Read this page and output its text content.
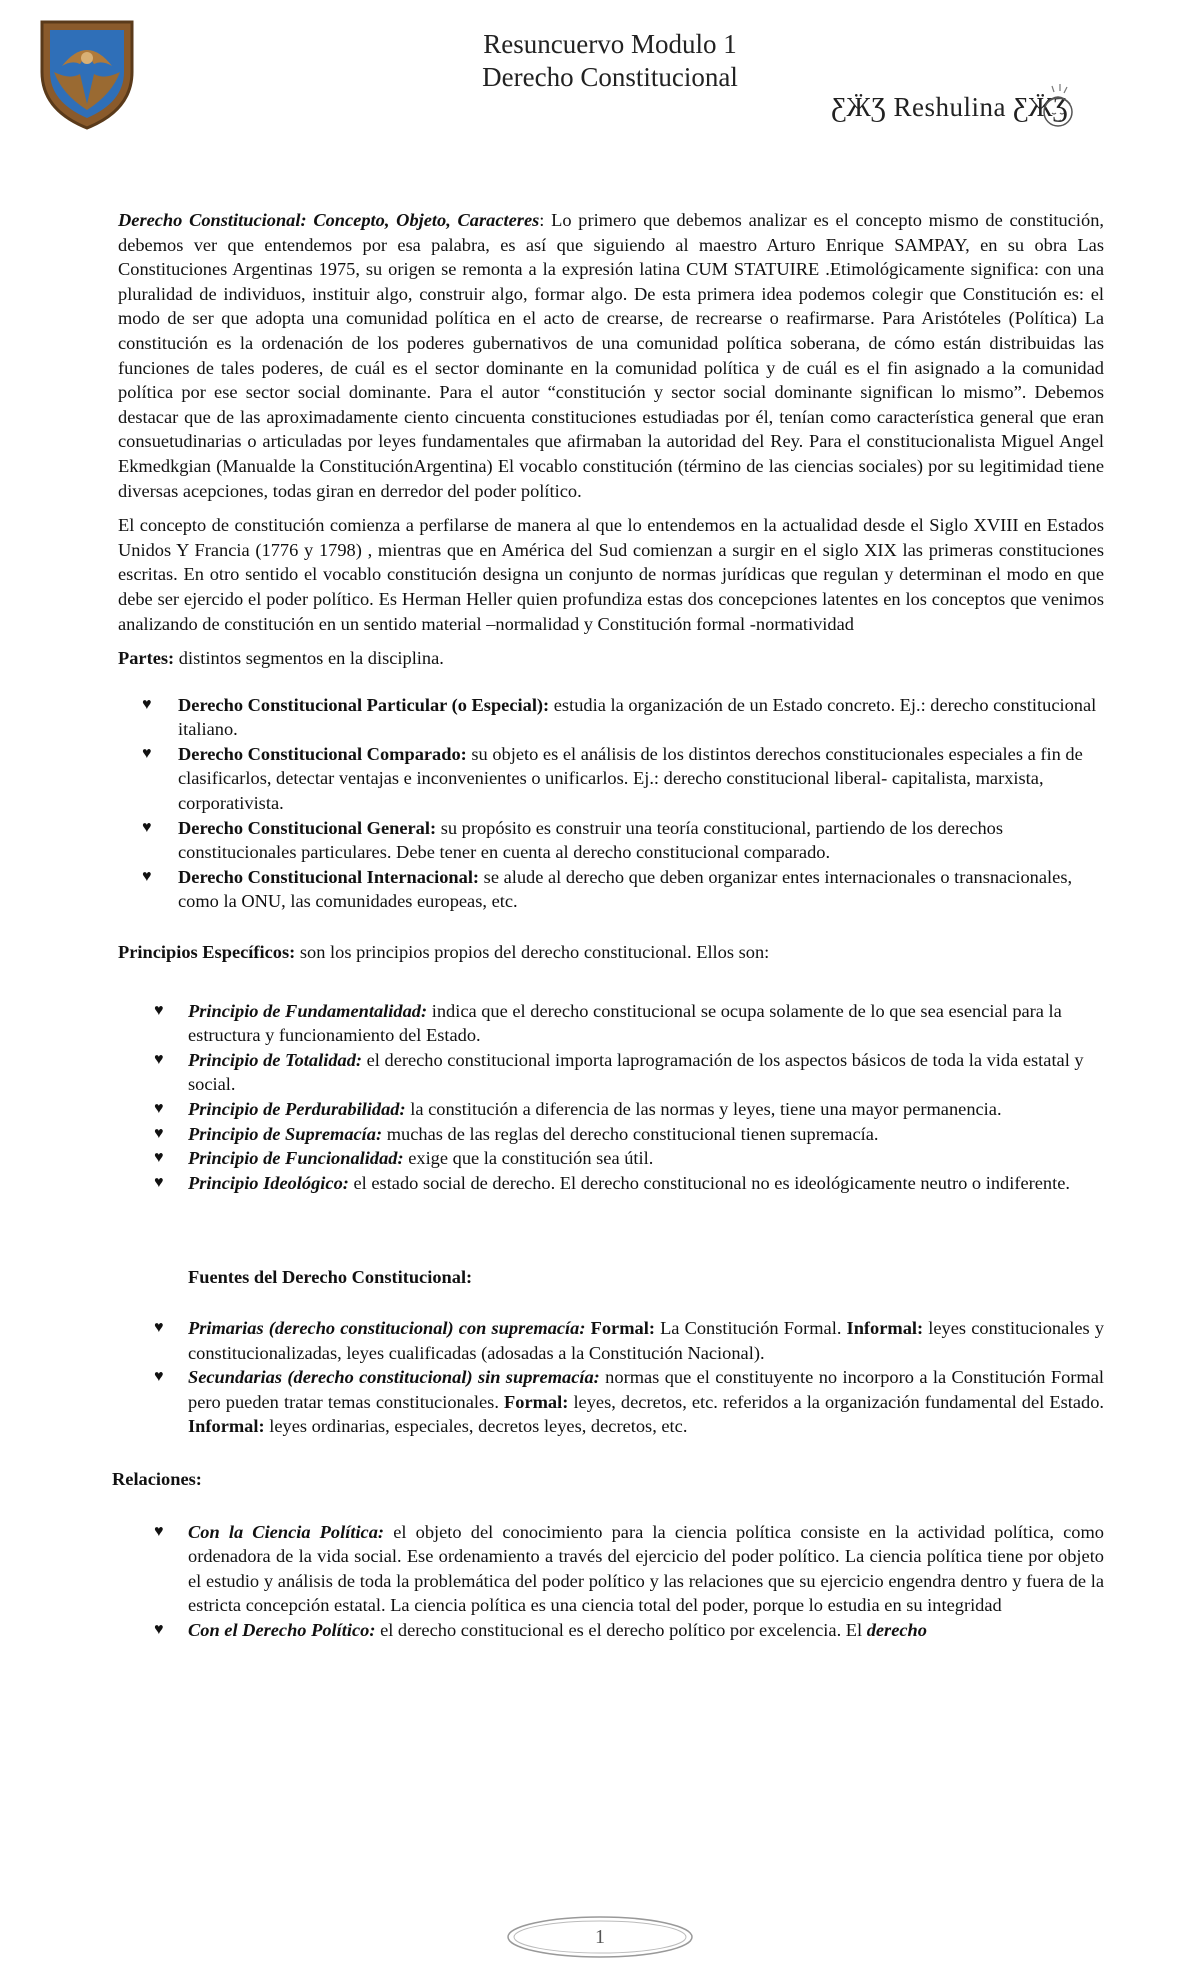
Resuncuervo Modulo 1
Derecho Constitucional
ƸӜƷ Reshulina ƸӜƷ

Derecho Constitucional: Concepto, Objeto, Caracteres: Lo primero que debemos analizar es el concepto mismo de constitución, debemos ver que entendemos por esa palabra, es así que siguiendo al maestro Arturo Enrique SAMPAY, en su obra Las Constituciones Argentinas 1975, su origen se remonta a la expresión latina CUM STATUIRE .Etimológicamente significa: con una pluralidad de individuos, instituir algo, construir algo, formar algo. De esta primera idea podemos colegir que Constitución es: el modo de ser que adopta una comunidad política en el acto de crearse, de recrearse o reafirmarse. Para Aristóteles (Política) La constitución es la ordenación de los poderes gubernativos de una comunidad política soberana, de cómo están distribuidas las funciones de tales poderes, de cuál es el sector dominante en la comunidad política y de cuál es el fin asignado a la comunidad política por ese sector social dominante. Para el autor “constitución y sector social dominante significan lo mismo”. Debemos destacar que de las aproximadamente ciento cincuenta constituciones estudiadas por él, tenían como característica general que eran consuetudinarias o articuladas por leyes fundamentales que afirmaban la autoridad del Rey. Para el constitucionalista Miguel Angel Ekmedkgian (Manualde la ConstituciónArgentina) El vocablo constitución (término de las ciencias sociales) por su legitimidad tiene diversas acepciones, todas giran en derredor del poder político.

El concepto de constitución comienza a perfilarse de manera al que lo entendemos en la actualidad desde el Siglo XVIII en Estados Unidos Y Francia (1776 y 1798) , mientras que en América del Sud comienzan a surgir en el siglo XIX las primeras constituciones escritas. En otro sentido el vocablo constitución designa un conjunto de normas jurídicas que regulan y determinan el modo en que debe ser ejercido el poder político. Es Herman Heller quien profundiza estas dos concepciones latentes en los conceptos que venimos analizando de constitución en un sentido material –normalidad y Constitución formal -normatividad

Partes: distintos segmentos en la disciplina.

♥ Derecho Constitucional Particular (o Especial): estudia la organización de un Estado concreto. Ej.: derecho constitucional italiano.
♥ Derecho Constitucional Comparado: su objeto es el análisis de los distintos derechos constitucionales especiales a fin de clasificarlos, detectar ventajas e inconvenientes o unificarlos. Ej.: derecho constitucional liberal- capitalista, marxista, corporativista.
♥ Derecho Constitucional General: su propósito es construir una teoría constitucional, partiendo de los derechos constitucionales particulares. Debe tener en cuenta al derecho constitucional comparado.
♥ Derecho Constitucional Internacional: se alude al derecho que deben organizar entes internacionales o transnacionales, como la ONU, las comunidades europeas, etc.

Principios Específicos: son los principios propios del derecho constitucional. Ellos son:

♥ Principio de Fundamentalidad: indica que el derecho constitucional se ocupa solamente de lo que sea esencial para la estructura y funcionamiento del Estado.
♥ Principio de Totalidad: el derecho constitucional importa laprogramación de los aspectos básicos de toda la vida estatal y social.
♥ Principio de Perdurabilidad: la constitución a diferencia de las normas y leyes, tiene una mayor permanencia.
♥ Principio de Supremacía: muchas de las reglas del derecho constitucional tienen supremacía.
♥ Principio de Funcionalidad: exige que la constitución sea útil.
♥ Principio Ideológico: el estado social de derecho. El derecho constitucional no es ideológicamente neutro o indiferente.

Fuentes del Derecho Constitucional:

♥ Primarias (derecho constitucional) con supremacía: Formal: La Constitución Formal. Informal: leyes constitucionales y constitucionalizadas, leyes cualificadas (adosadas a la Constitución Nacional).
♥ Secundarias (derecho constitucional) sin supremacía: normas que el constituyente no incorporo a la Constitución Formal pero pueden tratar temas constitucionales. Formal: leyes, decretos, etc. referidos a la organización fundamental del Estado. Informal: leyes ordinarias, especiales, decretos leyes, decretos, etc.

Relaciones:

♥ Con la Ciencia Política: el objeto del conocimiento para la ciencia política consiste en la actividad política, como ordenadora de la vida social. Ese ordenamiento a través del ejercicio del poder político. La ciencia política tiene por objeto el estudio y análisis de toda la problemática del poder político y las relaciones que su ejercicio engendra dentro y fuera de la estricta concepción estatal. La ciencia política es una ciencia total del poder, porque lo estudia en su integridad
♥ Con el Derecho Político: el derecho constitucional es el derecho político por excelencia. El derecho
1
